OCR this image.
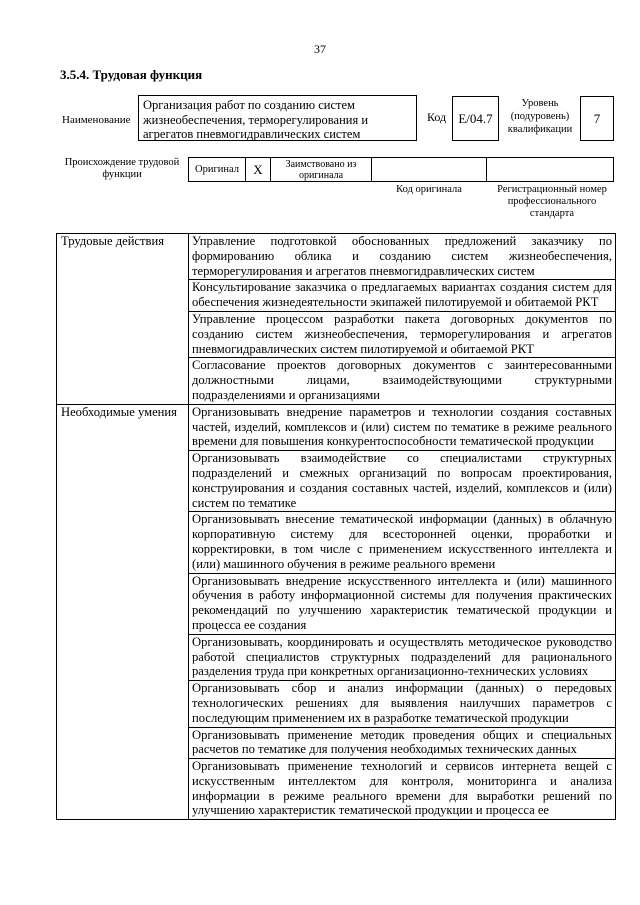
37
3.5.4. Трудовая функция
Наименование
Организация работ по созданию систем жизнеобеспечения, терморегулирования и агрегатов пневмогидравлических систем
Код E/04.7
Уровень (подуровень) квалификации
7
Происхождение трудовой функции	Оригинал	X	Заимствовано из оригинала
Код оригинала	Регистрационный номер профессионального стандарта
Трудовые действия	Управление подготовкой обоснованных предложений заказчику по формированию облика и созданию систем жизнеобеспечения, терморегулирования и агрегатов пневмогидравлических систем
	Консультирование заказчика о предлагаемых вариантах создания систем для обеспечения жизнедеятельности экипажей пилотируемой и обитаемой РКТ
	Управление процессом разработки пакета договорных документов по созданию систем жизнеобеспечения, терморегулирования и агрегатов пневмогидравлических систем пилотируемой и обитаемой РКТ
	Согласование проектов договорных документов с заинтересованными должностными лицами, взаимодействующими структурными подразделениями и организациями
Необходимые умения	Организовывать внедрение параметров и технологии создания составных частей, изделий, комплексов и (или) систем по тематике в режиме реального времени для повышения конкурентоспособности тематической продукции
	Организовывать взаимодействие со специалистами структурных подразделений и смежных организаций по вопросам проектирования, конструирования и создания составных частей, изделий, комплексов и (или) систем по тематике
	Организовывать внесение тематической информации (данных) в облачную корпоративную систему для всесторонней оценки, проработки и корректировки, в том числе с применением искусственного интеллекта и (или) машинного обучения в режиме реального времени
	Организовывать внедрение искусственного интеллекта и (или) машинного обучения в работу информационной системы для получения практических рекомендаций по улучшению характеристик тематической продукции и процесса ее создания
	Организовывать, координировать и осуществлять методическое руководство работой специалистов структурных подразделений для рационального разделения труда при конкретных организационно-технических условиях
	Организовывать сбор и анализ информации (данных) о передовых технологических решениях для выявления наилучших параметров с последующим применением их в разработке тематической продукции
	Организовывать применение методик проведения общих и специальных расчетов по тематике для получения необходимых технических данных
	Организовывать применение технологий и сервисов интернета вещей с искусственным интеллектом для контроля, мониторинга и анализа информации в режиме реального времени для выработки решений по улучшению характеристик тематической продукции и процесса ее
